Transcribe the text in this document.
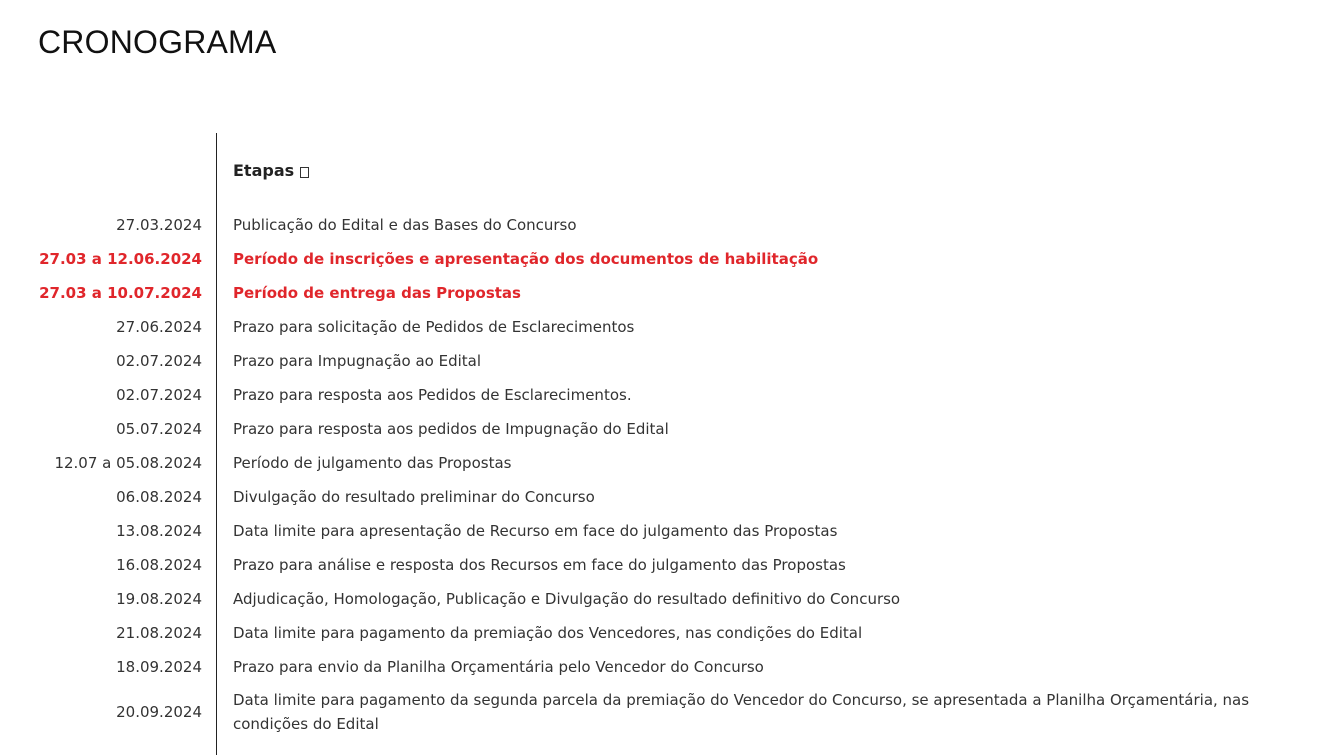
CRONOGRAMA
Etapas
27.03.2024 Publicação do Edital e das Bases do Concurso
27.03 a 12.06.2024 Período de inscrições e apresentação dos documentos de habilitação
27.03 a 10.07.2024 Período de entrega das Propostas
27.06.2024 Prazo para solicitação de Pedidos de Esclarecimentos
02.07.2024 Prazo para Impugnação ao Edital
02.07.2024 Prazo para resposta aos Pedidos de Esclarecimentos.
05.07.2024 Prazo para resposta aos pedidos de Impugnação do Edital
12.07 a 05.08.2024 Período de julgamento das Propostas
06.08.2024 Divulgação do resultado preliminar do Concurso
13.08.2024 Data limite para apresentação de Recurso em face do julgamento das Propostas
16.08.2024 Prazo para análise e resposta dos Recursos em face do julgamento das Propostas
19.08.2024 Adjudicação, Homologação, Publicação e Divulgação do resultado definitivo do Concurso
21.08.2024 Data limite para pagamento da premiação dos Vencedores, nas condições do Edital
18.09.2024 Prazo para envio da Planilha Orçamentária pelo Vencedor do Concurso
20.09.2024
Data limite para pagamento da segunda parcela da premiação do Vencedor do Concurso, se apresentada a Planilha Orçamentária, nas condições do Edital
